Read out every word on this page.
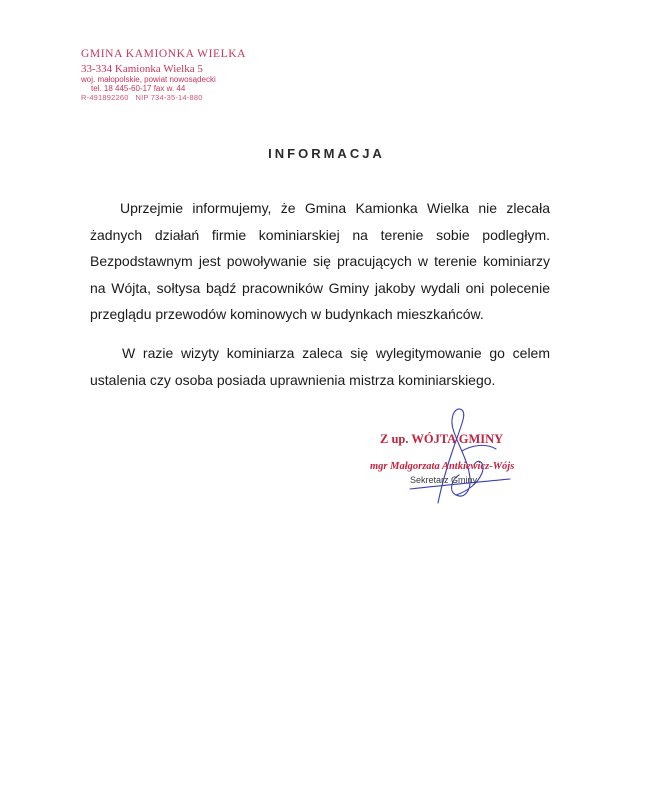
GMINA KAMIONKA WIELKA
33-334 Kamionka Wielka 5
woj. małopolskie, powiat nowosądecki
tel. 18 445-60-17 fax w. 44
R-491892260 NIP 734-35-14-880
INFORMACJA

Uprzejmie informujemy, że Gmina Kamionka Wielka nie zlecała żadnych działań firmie kominiarskiej na terenie sobie podległym. Bezpodstawnym jest powoływanie się pracujących w terenie kominiarzy na Wójta, sołtysa bądź pracowników Gminy jakoby wydali oni polecenie przeglądu przewodów kominowych w budynkach mieszkańców.

W razie wizyty kominiarza zaleca się wylegitymowanie go celem ustalenia czy osoba posiada uprawnienia mistrza kominiarskiego.

Z up. WÓJTA GMINY
mgr Małgorzata Antkiewicz-Wójs
Sekretarz Gminy
